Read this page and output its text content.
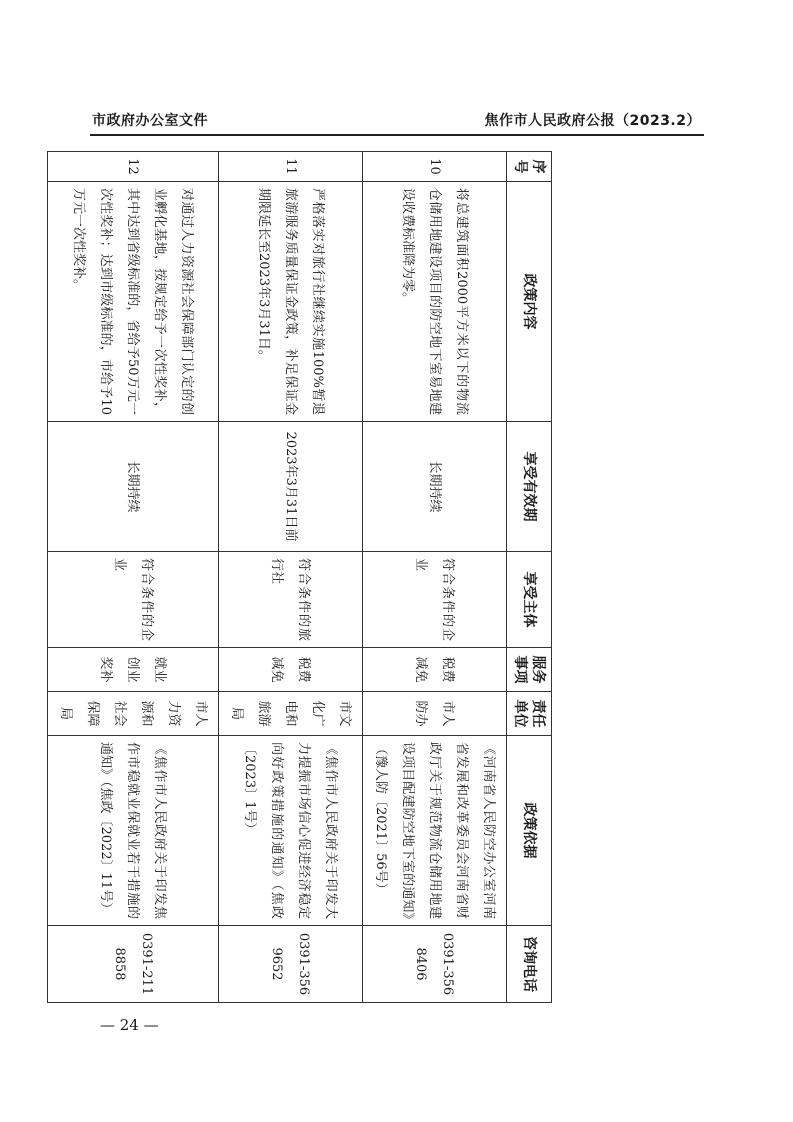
市政府办公室文件	焦作市人民政府公报（2023.2）
序号	政策内容	享受有效期	享受主体	服务事项	责任单位	政策依据	咨询电话
10	将总建筑面积2000平方米以下的物流仓储用地建设项目的防空地下室易地建设收费标准降为零。	长期持续	符合条件的企业	税费减免	市人防办	《河南省人民防空办公室河南省发展和改革委员会河南省财政厅关于规范物流仓储用地建设项目配建防空地下室的通知》（豫人防〔2021〕56号）	0391-3568406
11	严格落实对旅行社继续实施100%暂退旅游服务质量保证金政策，补足保证金期限延长至2023年3月31日。	2023年3月31日前	符合条件的旅行社	税费减免	市文化广电和旅游局	《焦作市人民政府关于印发大力提振市场信心促进经济稳定向好政策措施的通知》（焦政〔2023〕1号）	0391-3569652
12	对通过人力资源社会保障部门认定的创业孵化基地，按规定给予一次性奖补，其中达到省级标准的，省给予50万元一次性奖补；达到市级标准的，市给予10万元一次性奖补。	长期持续	符合条件的企业	就业创业奖补	市人力资源和社会保障局	《焦作市人民政府关于印发焦作市稳就业保就业若干措施的通知》（焦政〔2022〕11号）	0391-2118858
— 24 —
